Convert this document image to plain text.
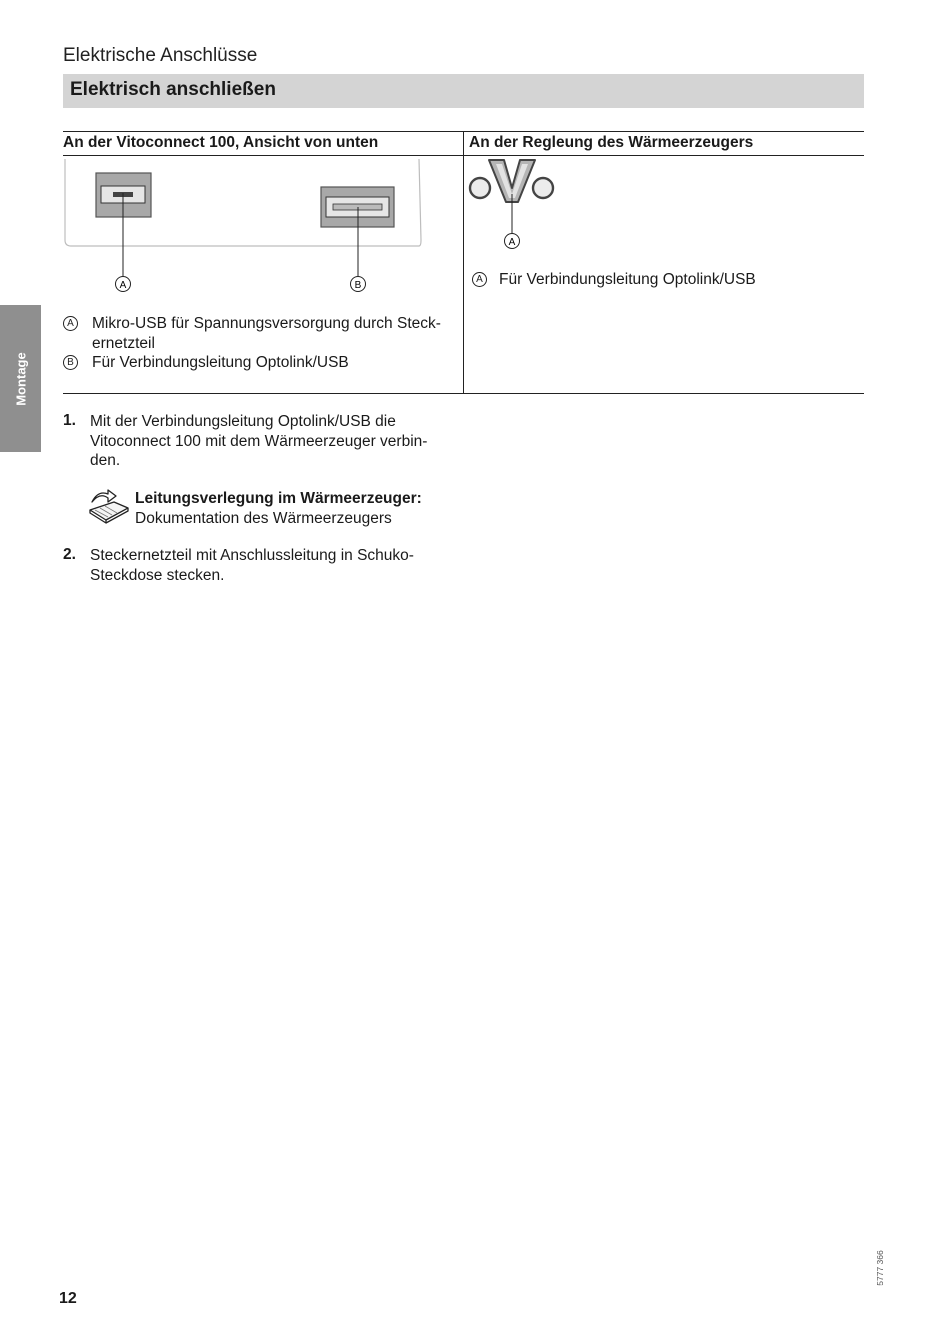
Elektrische Anschlüsse
Elektrisch anschließen
Montage
An der Vitoconnect 100, Ansicht von unten	An der Regleung des Wärmeerzeugers
A	B
A Mikro-USB für Spannungsversorgung durch Steck-
ernetzteil
B Für Verbindungsleitung Optolink/USB
A
A Für Verbindungsleitung Optolink/USB
1. Mit der Verbindungsleitung Optolink/USB die
Vitoconnect 100 mit dem Wärmeerzeuger verbin-
den.
Leitungsverlegung im Wärmeerzeuger:
Dokumentation des Wärmeerzeugers
2. Steckernetzteil mit Anschlussleitung in Schuko-
Steckdose stecken.
5777 366
12
